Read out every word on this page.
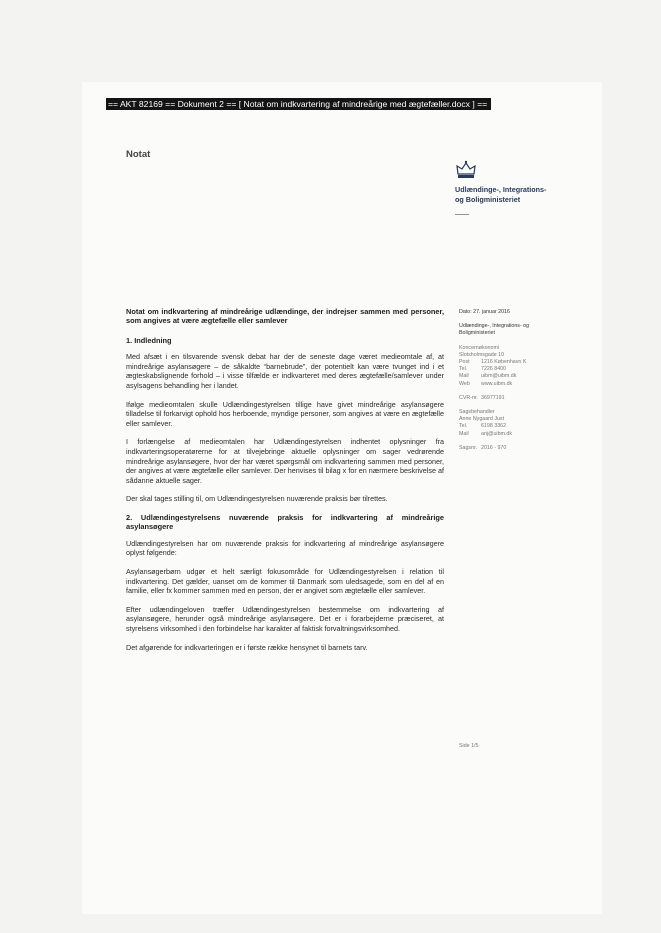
== AKT 82169 == Dokument 2 == [ Notat om indkvartering af mindreårige med ægtefæller.docx ] ==
Notat
Udlændinge-, Integrations-
og Boligministeriet
Notat om indkvartering af mindreårige udlændinge, der indrejser sammen med personer, som angives at være ægtefælle eller samlever
1. Indledning

Med afsæt i en tilsvarende svensk debat har der de seneste dage været medieomtale af, at mindreårige asylansøgere – de såkaldte “barnebrude”, der potentielt kan være tvunget ind i et ægteskabslignende forhold – i visse tilfælde er indkvarteret med deres ægtefælle/samlever under asylsagens behandling her i landet.

Ifølge medieomtalen skulle Udlændingestyrelsen tillige have givet mindreårige asylansøgere tilladelse til forkarvigt ophold hos herboende, myndige personer, som angives at være en ægtefælle eller samlever.

I forlængelse af medieomtalen har Udlændingestyrelsen indhentet oplysninger fra indkvarteringsoperatørerne for at tilvejebringe aktuelle oplysninger om sager vedrørende mindreårige asylansøgere, hvor der har været spørgsmål om indkvartering sammen med personer, der angives at være ægtefælle eller samlever. Der henvises til bilag x for en nærmere beskrivelse af sådanne aktuelle sager.

Der skal tages stilling til, om Udlændingestyrelsen nuværende praksis bør tilrettes.

2. Udlændingestyrelsens nuværende praksis for indkvartering af mindreårige asylansøgere

Udlændingestyrelsen har om nuværende praksis for indkvartering af mindreårige asylansøgere oplyst følgende:

Asylansøgerbørn udgør et helt særligt fokusområde for Udlændingestyrelsen i relation til indkvartering. Det gælder, uanset om de kommer til Danmark som uledsagede, som en del af en familie, eller fx kommer sammen med en person, der er angivet som ægtefælle eller samlever.

Efter udlændingeloven træffer Udlændingestyrelsen bestemmelse om indkvartering af asylansøgere, herunder også mindreårige asylansøgere. Det er i forarbejderne præciseret, at styrelsens virksomhed i den forbindelse har karakter af faktisk forvaltningsvirksomhed.

Det afgørende for indkvarteringen er i første række hensynet til barnets tarv.

Dato: 27. januar 2016
Udlændinge-, Integrations- og
Boligministeriet
Koncernøkonomi
Slotsholmsgade 10
Post	1216 København K
Tel.	7226 8400
Mail	uibm@uibm.dk
Web	www.uibm.dk
CVR-nr. 36977191
Sagsbehandler
Anne Nygaard Just
Tel.	6198 3362
Mail	anj@uibm.dk
Sagsnr. 2016 - 970
Side 1/5
